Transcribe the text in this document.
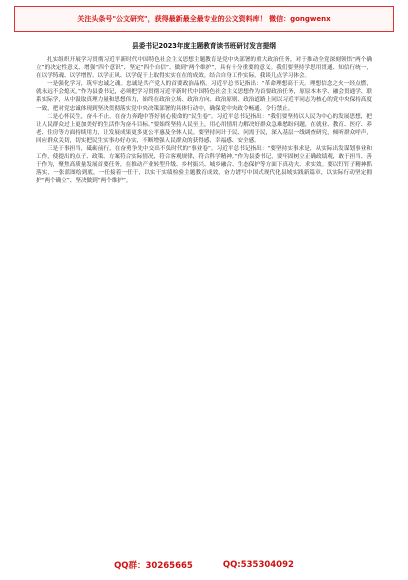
关注头条号"公文研究"，获得最新最全最专业的公文资料库！ 微信：gongwenx
县委书记2023年度主题教育读书班研讨发言提纲

扎实组织开展学习贯彻习近平新时代中国特色社会主义思想主题教育是党中央部署的重大政治任务，对于推动全党深刻领悟“两个确立”的决定性意义、增强“四个意识”、坚定“四个自信”、做到“两个维护”，具有十分重要的意义。我们要坚持学思用贯通、知信行统一，在以学铸魂、以学增智、以学正风、以学促干上取得实实在在的成效。结合自身工作实际，我谈几点学习体会。

一是强化学习，筑牢忠诚之魂。忠诚是共产党人的首要政治品格。习近平总书记指出：“革命理想高于天。理想信念之火一经点燃，就永远不会熄灭。”作为县委书记，必须把学习贯彻习近平新时代中国特色社会主义思想作为首要政治任务，原原本本学、融会贯通学、联系实际学，从中汲取真理力量和思想伟力，始终在政治立场、政治方向、政治原则、政治道路上同以习近平同志为核心的党中央保持高度一致，把对党忠诚体现到坚决贯彻落实党中央决策部署的具体行动中，确保党中央政令畅通、令行禁止。

二是心怀民生，奋斗不止。在奋力奔跑中答好初心使命的“民生卷”。习近平总书记指出：“我们要坚持以人民为中心的发展思想，把让人民群众过上更加美好的生活作为奋斗目标。”要始终坚持人民至上，用心用情用力解决好群众急难愁盼问题，在就业、教育、医疗、养老、住房等方面持续用力，让发展成果更多更公平惠及全体人民。要坚持问计于民、问需于民，深入基层一线调查研究，倾听群众呼声，回应群众关切，切实把民生实事办好办实，不断增强人民群众的获得感、幸福感、安全感。

三是干事担当，砥砺前行。在奋勇争先中交出不负时代的“事业卷”。习近平总书记指出：“要坚持实事求是，从实际出发谋划事业和工作，使提出的点子、政策、方案符合实际情况，符合客观规律，符合科学精神。”作为县委书记，要牢固树立正确政绩观，敢于担当、善于作为，聚焦高质量发展首要任务，在推动产业转型升级、乡村振兴、城乡融合、生态保护等方面下真功夫、求实效。要以钉钉子精神抓落实，一张蓝图绘到底，一任接着一任干，以实干实绩检验主题教育成效，奋力谱写中国式现代化县域实践新篇章，以实际行动坚定拥护“两个确立”、坚决做到“两个维护”。

QQ群：30265665	QQ:535304092
